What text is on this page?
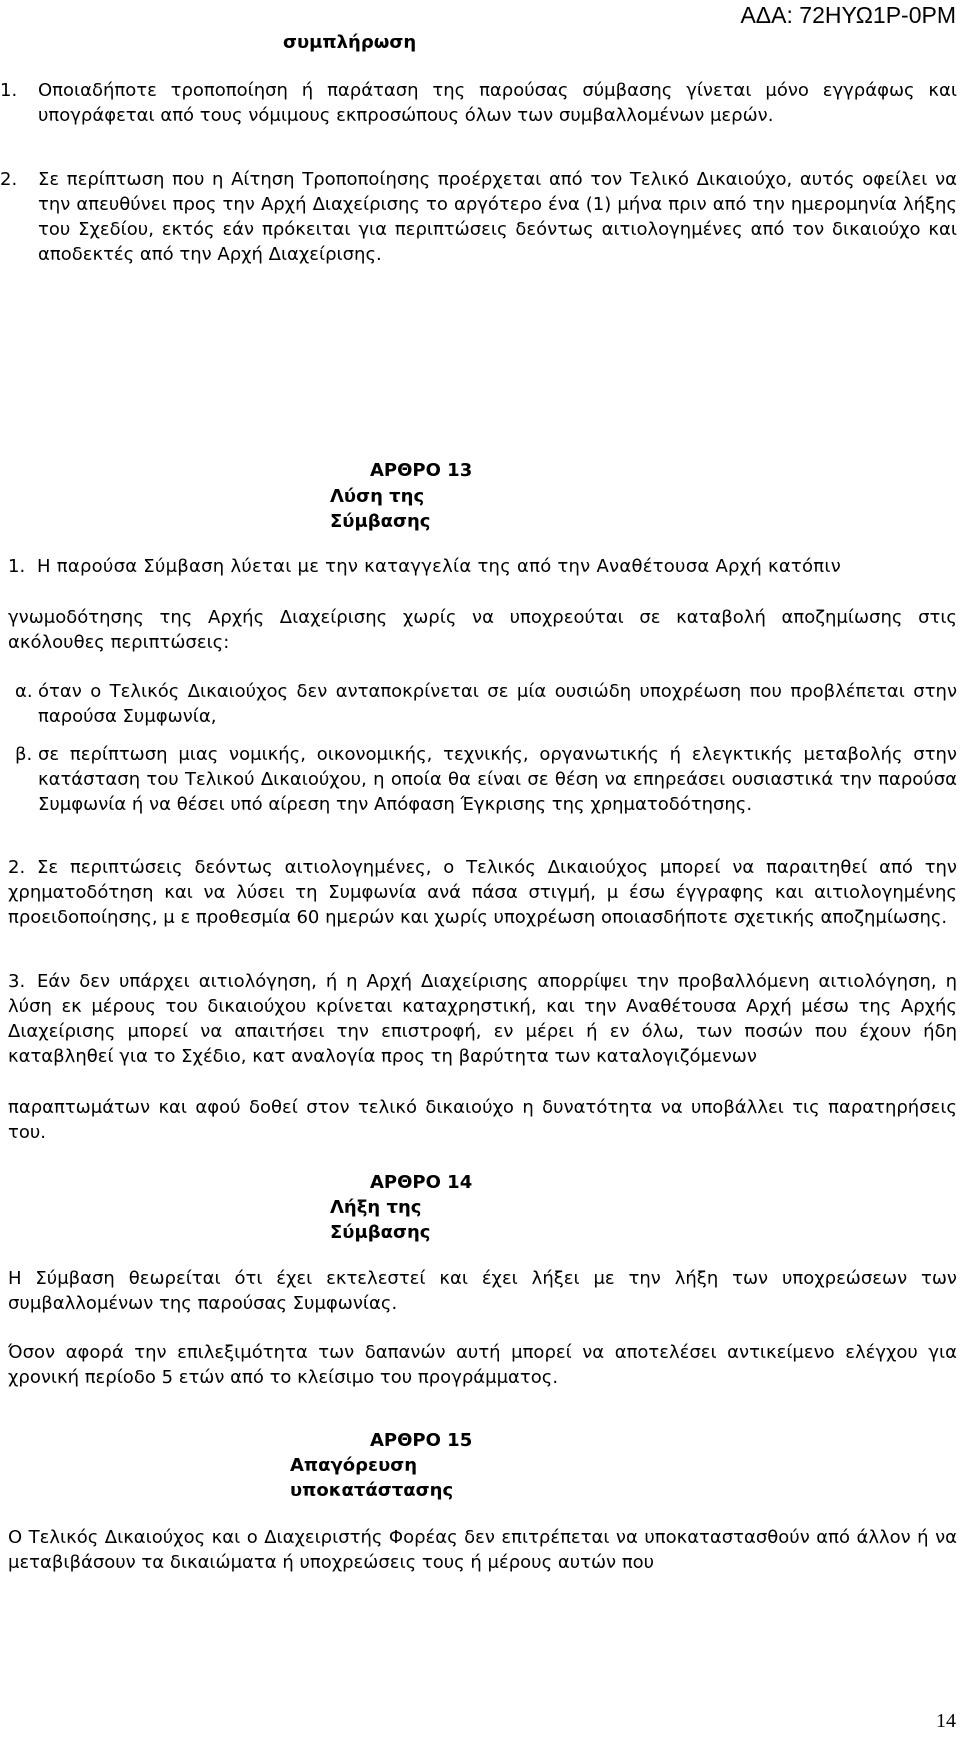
ΑΔΑ: 72ΗΥΩ1Ρ-0ΡΜ
συμπλήρωση
1. Οποιαδήποτε τροποποίηση ή παράταση της παρούσας σύμβασης γίνεται μόνο εγγράφως και υπογράφεται από τους νόμιμους εκπροσώπους όλων των συμβαλλομένων μερών.
2. Σε περίπτωση που η Αίτηση Τροποποίησης προέρχεται από τον Τελικό Δικαιούχο, αυτός οφείλει να την απευθύνει προς την Αρχή Διαχείρισης το αργότερο ένα (1) μήνα πριν από την ημερομηνία λήξης του Σχεδίου, εκτός εάν πρόκειται για περιπτώσεις δεόντως αιτιολογημένες από τον δικαιούχο και αποδεκτές από την Αρχή Διαχείρισης.
ΑΡΘΡΟ 13
Λύση της
Σύμβασης
1. Η παρούσα Σύμβαση λύεται με την καταγγελία της από την Αναθέτουσα Αρχή κατόπιν
γνωμοδότησης της Αρχής Διαχείρισης χωρίς να υποχρεούται σε καταβολή αποζημίωσης στις ακόλουθες περιπτώσεις:
α. όταν ο Τελικός Δικαιούχος δεν ανταποκρίνεται σε μία ουσιώδη υποχρέωση που προβλέπεται στην παρούσα Συμφωνία,
β. σε περίπτωση μιας νομικής, οικονομικής, τεχνικής, οργανωτικής ή ελεγκτικής μεταβολής στην κατάσταση του Τελικού Δικαιούχου, η οποία θα είναι σε θέση να επηρεάσει ουσιαστικά την παρούσα Συμφωνία ή να θέσει υπό αίρεση την Απόφαση Έγκρισης της χρηματοδότησης.
2. Σε περιπτώσεις δεόντως αιτιολογημένες, ο Τελικός Δικαιούχος μπορεί να παραιτηθεί από την χρηματοδότηση και να λύσει τη Συμφωνία ανά πάσα στιγμή, μ έσω έγγραφης και αιτιολογημένης προειδοποίησης, μ ε προθεσμία 60 ημερών και χωρίς υποχρέωση οποιασδήποτε σχετικής αποζημίωσης.
3. Εάν δεν υπάρχει αιτιολόγηση, ή η Αρχή Διαχείρισης απορρίψει την προβαλλόμενη αιτιολόγηση, η λύση εκ μέρους του δικαιούχου κρίνεται καταχρηστική, και την Αναθέτουσα Αρχή μέσω της Αρχής Διαχείρισης μπορεί να απαιτήσει την επιστροφή, εν μέρει ή εν όλω, των ποσών που έχουν ήδη καταβληθεί για το Σχέδιο, κατ αναλογία προς τη βαρύτητα των καταλογιζόμενων
παραπτωμάτων και αφού δοθεί στον τελικό δικαιούχο η δυνατότητα να υποβάλλει τις παρατηρήσεις του.
ΑΡΘΡΟ 14
Λήξη της
Σύμβασης
Η Σύμβαση θεωρείται ότι έχει εκτελεστεί και έχει λήξει με την λήξη των υποχρεώσεων των συμβαλλομένων της παρούσας Συμφωνίας.
Όσον αφορά την επιλεξιμότητα των δαπανών αυτή μπορεί να αποτελέσει αντικείμενο ελέγχου για χρονική περίοδο 5 ετών από το κλείσιμο του προγράμματος.
ΑΡΘΡΟ 15
Απαγόρευση
υποκατάστασης
Ο Τελικός Δικαιούχος και ο Διαχειριστής Φορέας δεν επιτρέπεται να υποκαταστασθούν από άλλον ή να μεταβιβάσουν τα δικαιώματα ή υποχρεώσεις τους ή μέρους αυτών που
14
